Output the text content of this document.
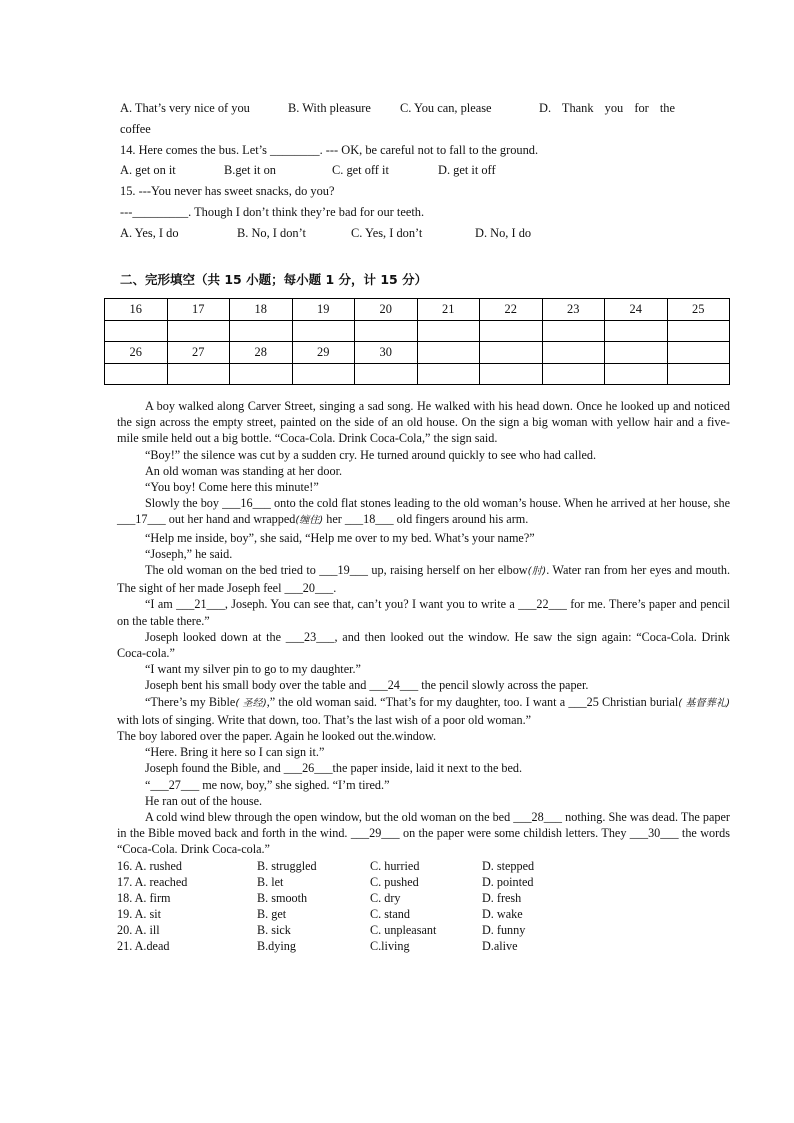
A. That’s very nice of you	B. With pleasure	C. You can, please	D. Thank you for the
coffee
14. Here comes the bus. Let’s ________. --- OK, be careful not to fall to the ground.
A. get on it	B.get it on	C. get off it	D. get it off
15. ---You never has sweet snacks, do you?
---_________. Though I don’t think they’re bad for our teeth.
A. Yes, I do	B. No, I don’t	C. Yes, I don’t	D. No, I do
二、完形填空（共 15 小题；每小题 1 分，计 15 分）
16	17	18	19	20	21	22	23	24	25

26	27	28	29	30					

A boy walked along Carver Street, singing a sad song. He walked with his head down. Once he looked up and noticed the sign across the empty street, painted on the side of an old house. On the sign a big woman with yellow hair and a five-mile smile held out a big bottle. “Coca-Cola. Drink Coca-Cola,” the sign said.

“Boy!” the silence was cut by a sudden cry. He turned around quickly to see who had called.

An old woman was standing at her door.

“You boy! Come here this minute!”

Slowly the boy ___16___ onto the cold flat stones leading to the old woman’s house. When he arrived at her house, she ___17___ out her hand and wrapped(缠住) her ___18___ old fingers around his arm.

“Help me inside, boy”, she said, “Help me over to my bed. What’s your name?”

“Joseph,” he said.

The old woman on the bed tried to ___19___ up, raising herself on her elbow(肘). Water ran from her eyes and mouth. The sight of her made Joseph feel ___20___.

“I am ___21___, Joseph. You can see that, can’t you? I want you to write a ___22___ for me. There’s paper and pencil on the table there.”

Joseph looked down at the ___23___, and then looked out the window. He saw the sign again: “Coca-Cola. Drink Coca-cola.”

“I want my silver pin to go to my daughter.”

Joseph bent his small body over the table and ___24___ the pencil slowly across the paper.

“There’s my Bible( 圣经),” the old woman said. “That’s for my daughter, too. I want a ___25 Christian burial( 基督葬礼) with lots of singing. Write that down, too. That’s the last wish of a poor old woman.”

The boy labored over the paper. Again he looked out the.window.

“Here. Bring it here so I can sign it.”

Joseph found the Bible, and ___26___the paper inside, laid it next to the bed.

“___27___ me now, boy,” she sighed. “I’m tired.”

He ran out of the house.

A cold wind blew through the open window, but the old woman on the bed ___28___ nothing. She was dead. The paper in the Bible moved back and forth in the wind. ___29___ on the paper were some childish letters. They ___30___ the words “Coca-Cola. Drink Coca-cola.”

16. A. rushed	B. struggled	C. hurried	D. stepped
17. A. reached	B. let	C. pushed	D. pointed
18. A. firm	B. smooth	C. dry	D. fresh
19. A. sit	B. get	C. stand	D. wake
20. A. ill	B. sick	C. unpleasant	D. funny
21. A.dead	B.dying	C.living	D.alive
